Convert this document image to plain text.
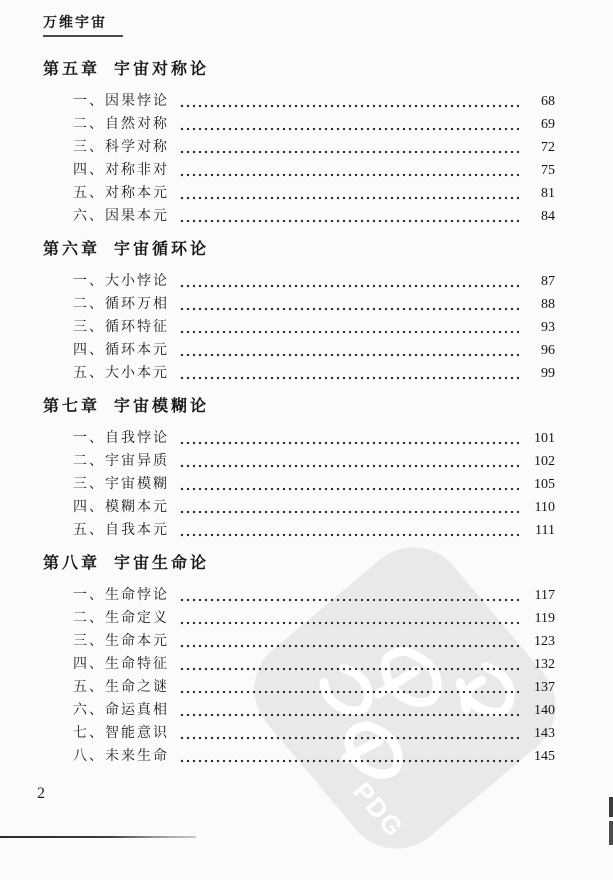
PDG
万维宇宙
第五章  宇宙对称论
一、因果悖论	68
二、自然对称	69
三、科学对称	72
四、对称非对	75
五、对称本元	81
六、因果本元	84
第六章  宇宙循环论
一、大小悖论	87
二、循环万相	88
三、循环特征	93
四、循环本元	96
五、大小本元	99
第七章  宇宙模糊论
一、自我悖论	101
二、宇宙异质	102
三、宇宙模糊	105
四、模糊本元	110
五、自我本元	111
第八章  宇宙生命论
一、生命悖论	117
二、生命定义	119
三、生命本元	123
四、生命特征	132
五、生命之谜	137
六、命运真相	140
七、智能意识	143
八、未来生命	145
2
